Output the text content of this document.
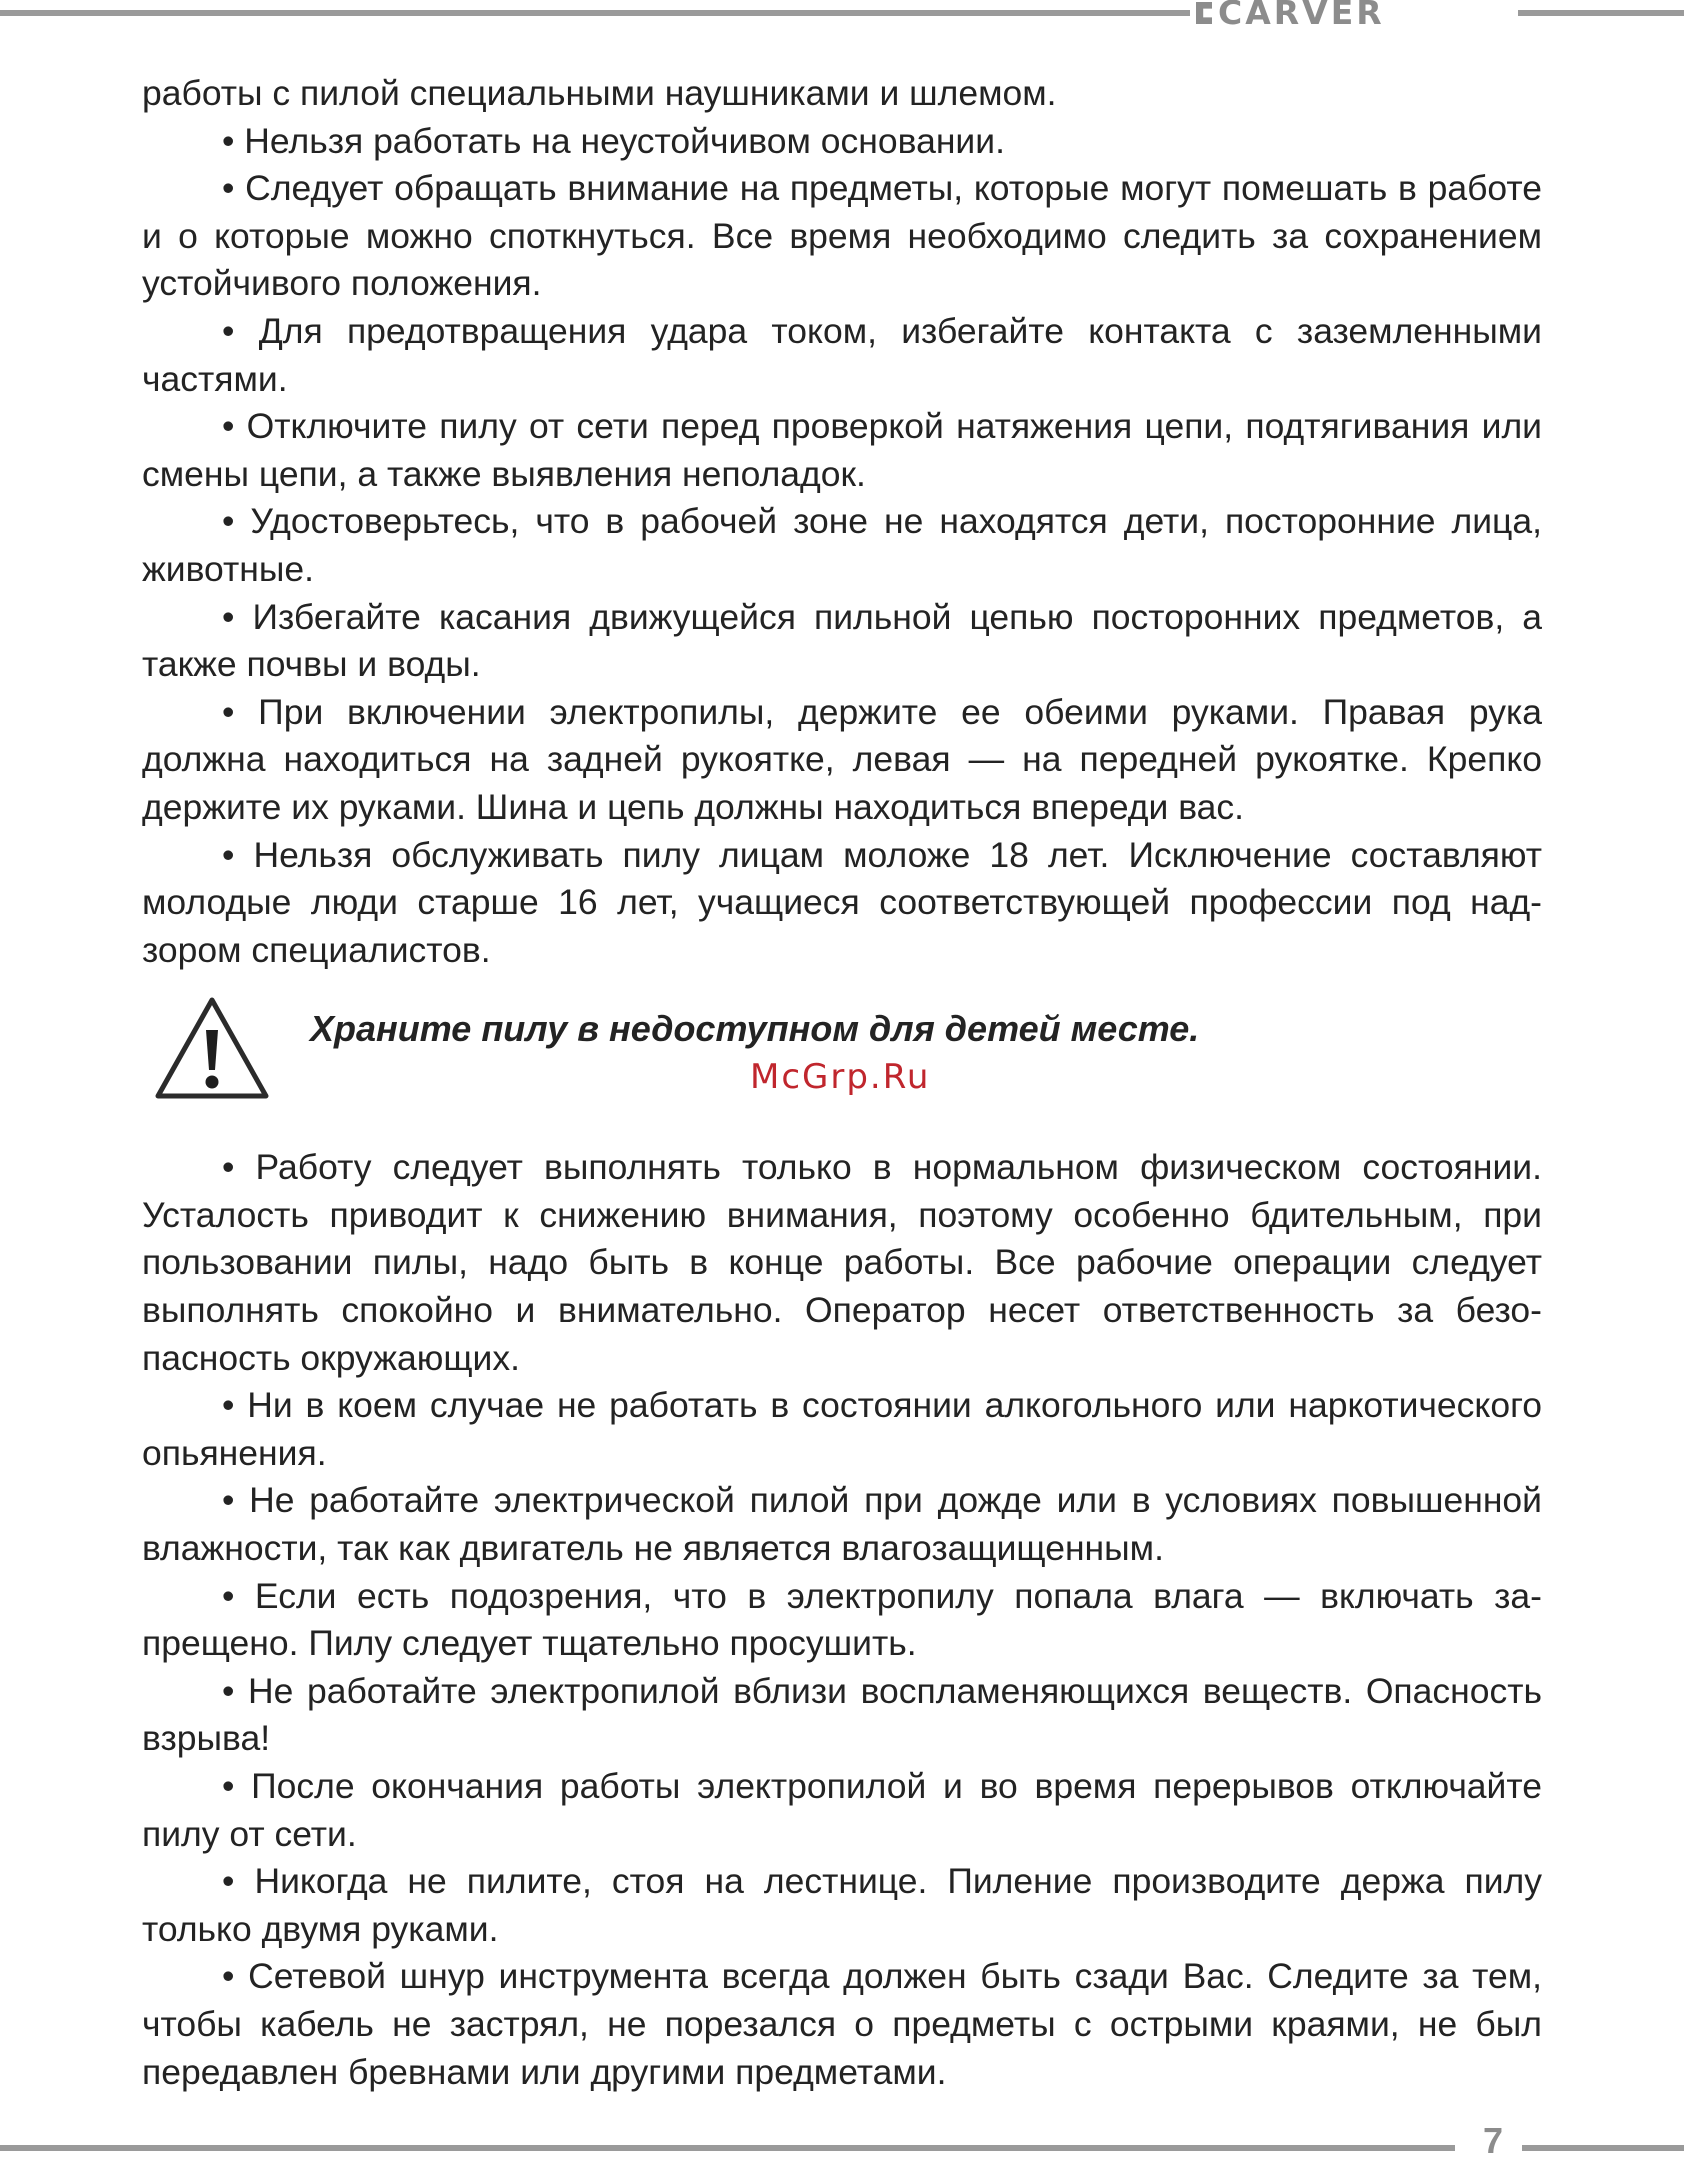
CARVER

работы с пилой специальными наушниками и шлемом.

• Нельзя работать на неустойчивом основании.

• Следует обращать внимание на предметы, которые могут помешать в работе и о которые можно споткнуться. Все время необходимо следить за сохранением устойчивого положения.

• Для предотвращения удара током, избегайте контакта с заземленными частями.

• Отключите пилу от сети перед проверкой натяжения цепи, подтягивания или смены цепи, а также выявления неполадок.

• Удостоверьтесь, что в рабочей зоне не находятся дети, посторонние лица, животные.

• Избегайте касания движущейся пильной цепью посторонних предметов, а также почвы и воды.

• При включении электропилы, держите ее обеими руками. Правая рука должна находиться на задней рукоятке, левая — на передней рукоятке. Крепко держите их руками. Шина и цепь должны находиться впереди вас.

• Нельзя обслуживать пилу лицам моложе 18 лет. Исключение составляют молодые люди старше 16 лет, учащиеся соответствующей профессии под надзором специалистов.

Храните пилу в недоступном для детей месте.
McGrp.Ru

• Работу следует выполнять только в нормальном физическом состоянии. Усталость приводит к снижению внимания, поэтому особенно бдительным, при пользовании пилы, надо быть в конце работы. Все рабочие операции следует выполнять спокойно и внимательно. Оператор несет ответственность за безопасность окружающих.

• Ни в коем случае не работать в состоянии алкогольного или наркотического опьянения.

• Не работайте электрической пилой при дожде или в условиях повышенной влажности, так как двигатель не является влагозащищенным.

• Если есть подозрения, что в электропилу попала влага — включать запрещено. Пилу следует тщательно просушить.

• Не работайте электропилой вблизи воспламеняющихся веществ. Опасность взрыва!

• После окончания работы электропилой и во время перерывов отключайте пилу от сети.

• Никогда не пилите, стоя на лестнице. Пиление производите держа пилу только двумя руками.

• Сетевой шнур инструмента всегда должен быть сзади Вас. Следите за тем, чтобы кабель не застрял, не порезался о предметы с острыми краями, не был передавлен бревнами или другими предметами.

7
